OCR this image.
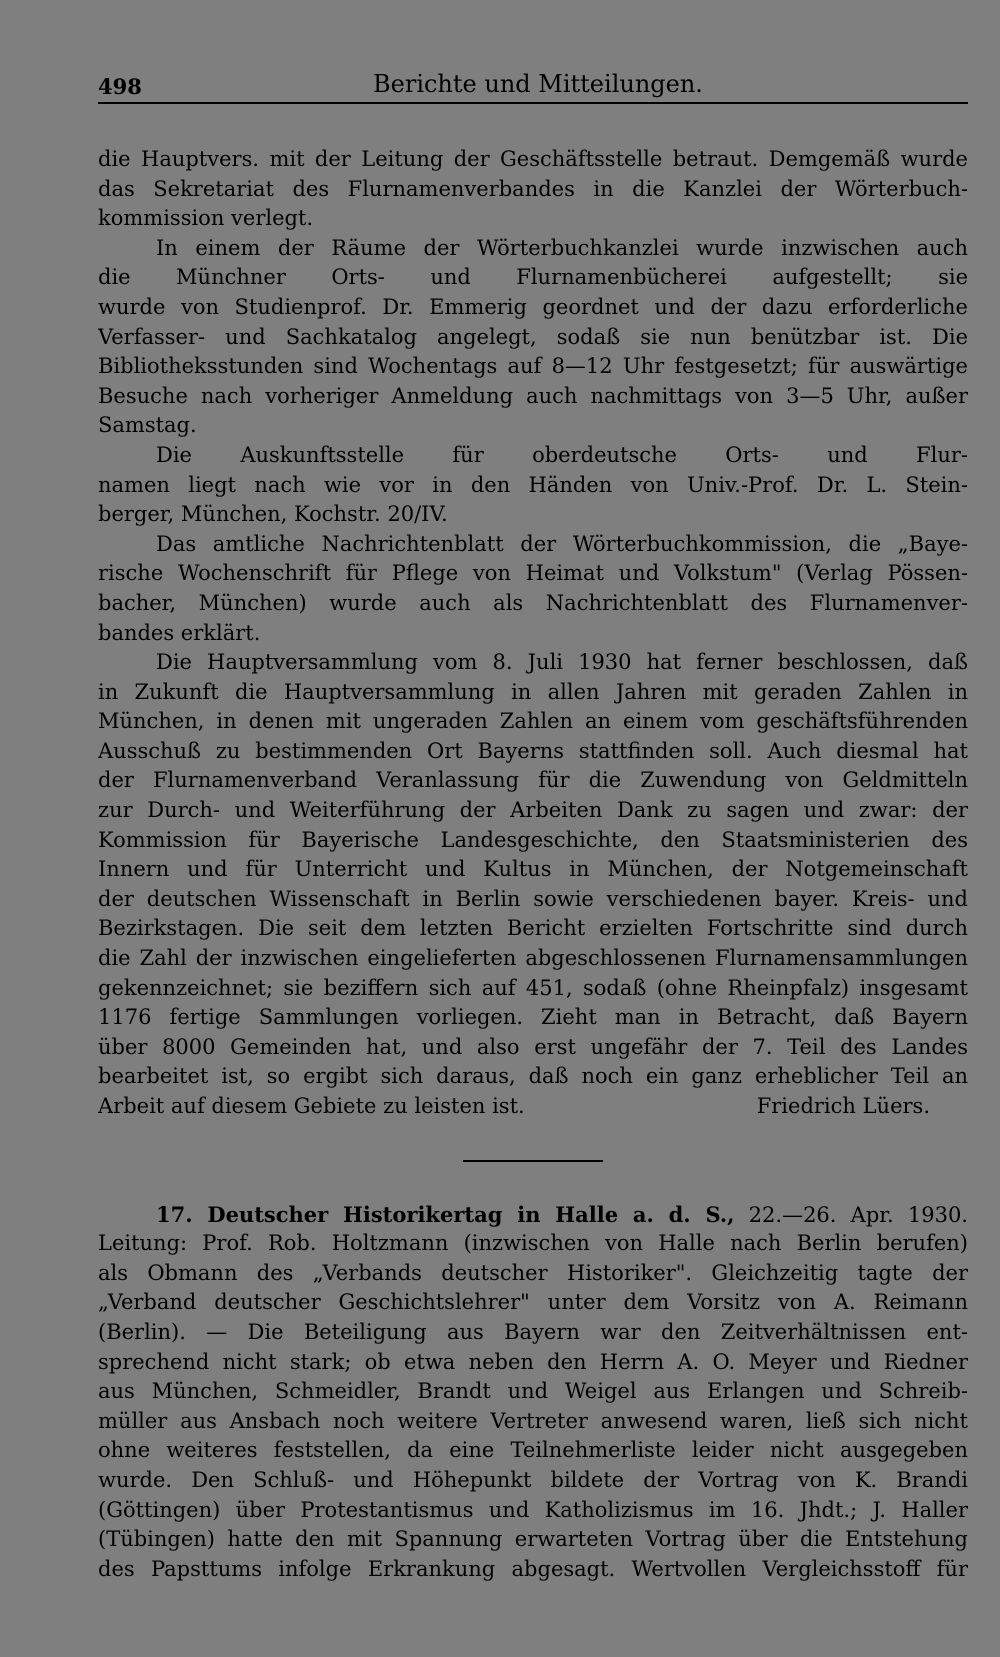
498	Berichte und Mitteilungen.
die Hauptvers. mit der Leitung der Geschäftsstelle betraut. Demgemäß wurde
das Sekretariat des Flurnamenverbandes in die Kanzlei der Wörterbuch-
kommission verlegt.
In einem der Räume der Wörterbuchkanzlei wurde inzwischen auch
die Münchner Orts- und Flurnamenbücherei aufgestellt; sie
wurde von Studienprof. Dr. Emmerig geordnet und der dazu erforderliche
Verfasser- und Sachkatalog angelegt, sodaß sie nun benützbar ist. Die
Bibliotheksstunden sind Wochentags auf 8—12 Uhr festgesetzt; für auswärtige
Besuche nach vorheriger Anmeldung auch nachmittags von 3—5 Uhr, außer
Samstag.
Die Auskunftsstelle für oberdeutsche Orts- und Flur-
namen liegt nach wie vor in den Händen von Univ.-Prof. Dr. L. Stein-
berger, München, Kochstr. 20/IV.
Das amtliche Nachrichtenblatt der Wörterbuchkommission, die „Baye-
rische Wochenschrift für Pflege von Heimat und Volkstum" (Verlag Pössen-
bacher, München) wurde auch als Nachrichtenblatt des Flurnamenver-
bandes erklärt.
Die Hauptversammlung vom 8. Juli 1930 hat ferner beschlossen, daß
in Zukunft die Hauptversammlung in allen Jahren mit geraden Zahlen in
München, in denen mit ungeraden Zahlen an einem vom geschäftsführenden
Ausschuß zu bestimmenden Ort Bayerns stattfinden soll. Auch diesmal hat
der Flurnamenverband Veranlassung für die Zuwendung von Geldmitteln
zur Durch- und Weiterführung der Arbeiten Dank zu sagen und zwar: der
Kommission für Bayerische Landesgeschichte, den Staatsministerien des
Innern und für Unterricht und Kultus in München, der Notgemeinschaft
der deutschen Wissenschaft in Berlin sowie verschiedenen bayer. Kreis- und
Bezirkstagen. Die seit dem letzten Bericht erzielten Fortschritte sind durch
die Zahl der inzwischen eingelieferten abgeschlossenen Flurnamensammlungen
gekennzeichnet; sie beziffern sich auf 451, sodaß (ohne Rheinpfalz) insgesamt
1176 fertige Sammlungen vorliegen. Zieht man in Betracht, daß Bayern
über 8000 Gemeinden hat, und also erst ungefähr der 7. Teil des Landes
bearbeitet ist, so ergibt sich daraus, daß noch ein ganz erheblicher Teil an
Arbeit auf diesem Gebiete zu leisten ist.	Friedrich Lüers.
17. Deutscher Historikertag in Halle a. d. S., 22.—26. Apr. 1930.
Leitung: Prof. Rob. Holtzmann (inzwischen von Halle nach Berlin berufen)
als Obmann des „Verbands deutscher Historiker". Gleichzeitig tagte der
„Verband deutscher Geschichtslehrer" unter dem Vorsitz von A. Reimann
(Berlin). — Die Beteiligung aus Bayern war den Zeitverhältnissen ent-
sprechend nicht stark; ob etwa neben den Herrn A. O. Meyer und Riedner
aus München, Schmeidler, Brandt und Weigel aus Erlangen und Schreib-
müller aus Ansbach noch weitere Vertreter anwesend waren, ließ sich nicht
ohne weiteres feststellen, da eine Teilnehmerliste leider nicht ausgegeben
wurde. Den Schluß- und Höhepunkt bildete der Vortrag von K. Brandi
(Göttingen) über Protestantismus und Katholizismus im 16. Jhdt.; J. Haller
(Tübingen) hatte den mit Spannung erwarteten Vortrag über die Entstehung
des Papsttums infolge Erkrankung abgesagt. Wertvollen Vergleichsstoff für
